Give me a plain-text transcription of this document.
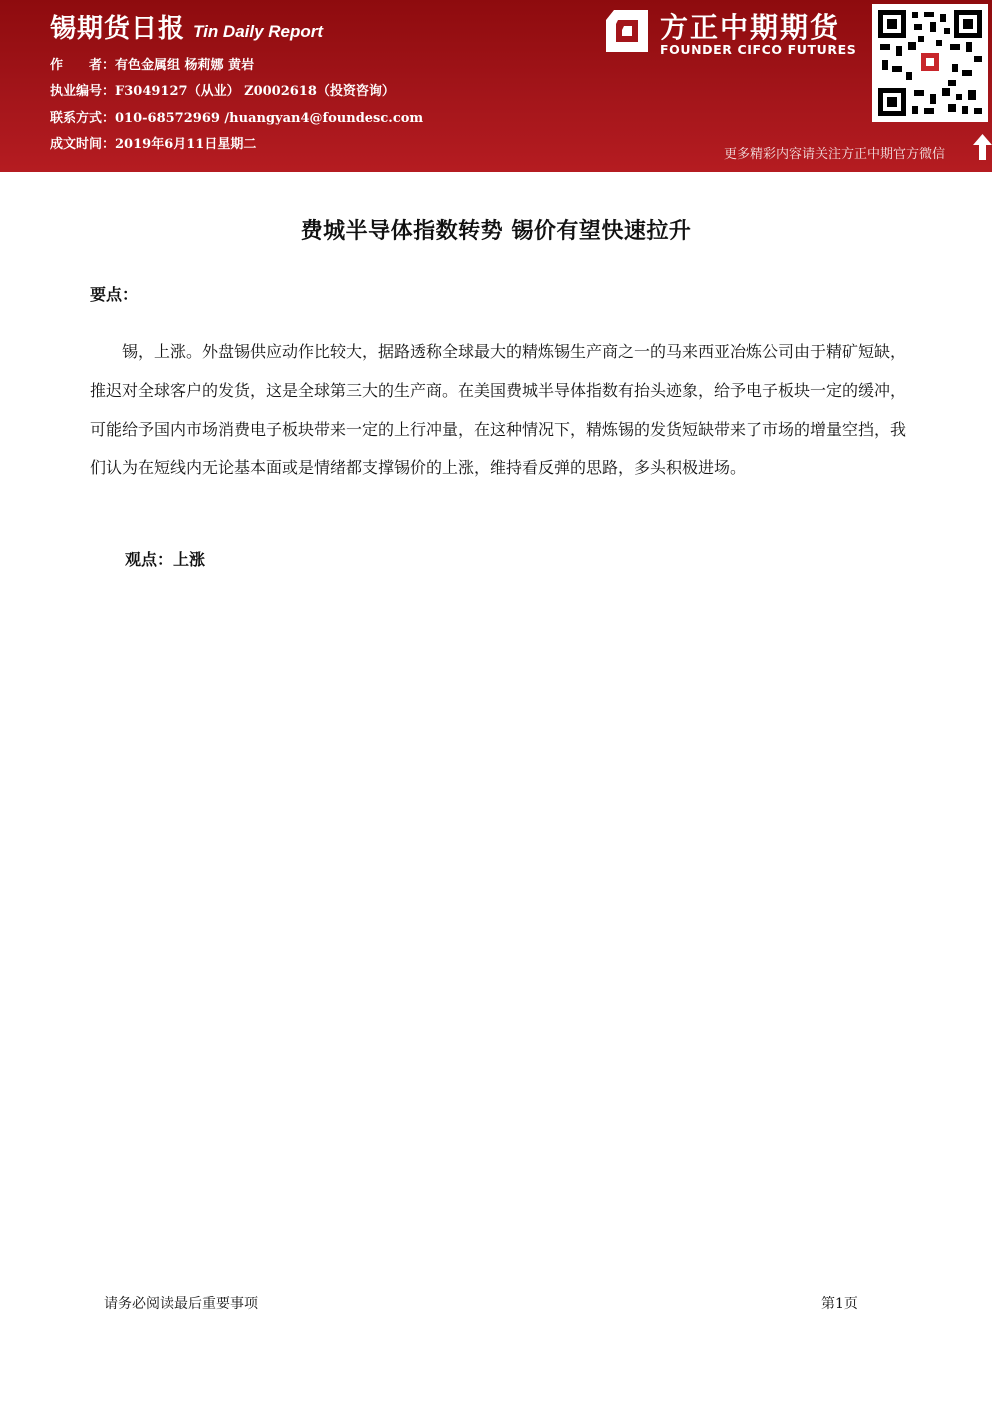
锡期货日报 Tin Daily Report
作　　者：有色金属组 杨莉娜 黄岩
执业编号：F3049127（从业） Z0002618（投资咨询）
联系方式：010-68572969 /huangyan4@foundesc.com
成文时间：2019年6月11日星期二
方正中期期货
FOUNDER CIFCO FUTURES
更多精彩内容请关注方正中期官方微信
费城半导体指数转势 锡价有望快速拉升
要点：
锡，上涨。外盘锡供应动作比较大，据路透称全球最大的精炼锡生产商之一的马来西亚冶炼公司由于精矿短缺，推迟对全球客户的发货，这是全球第三大的生产商。在美国费城半导体指数有抬头迹象，给予电子板块一定的缓冲，可能给予国内市场消费电子板块带来一定的上行冲量，在这种情况下，精炼锡的发货短缺带来了市场的增量空挡，我们认为在短线内无论基本面或是情绪都支撑锡价的上涨，维持看反弹的思路，多头积极进场。
观点：上涨
请务必阅读最后重要事项	第1页
